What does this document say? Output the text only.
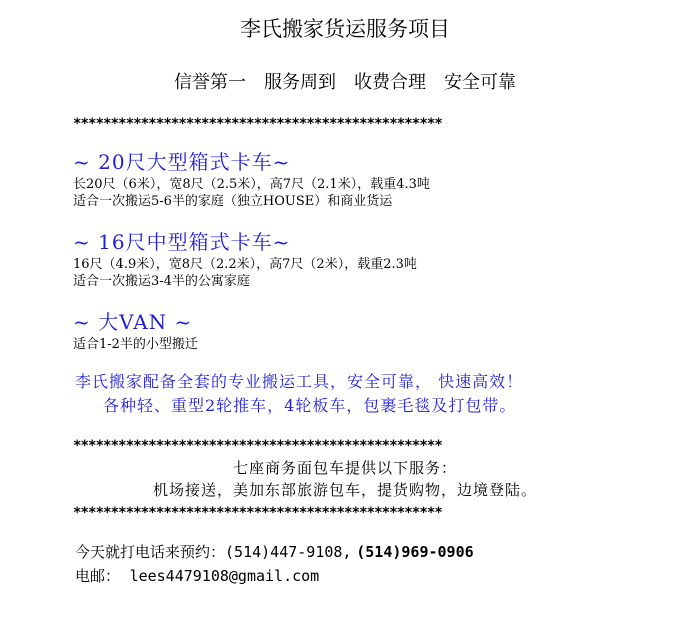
李氏搬家货运服务项目
信誉第一 服务周到 收费合理 安全可靠
*************************************************
~ 20尺大型箱式卡车~
长20尺（6米），宽8尺（2.5米），高7尺（2.1米），载重4.3吨
适合一次搬运5-6半的家庭（独立HOUSE）和商业货运
~ 16尺中型箱式卡车~
16尺（4.9米），宽8尺（2.2米），高7尺（2米），载重2.3吨
适合一次搬运3-4半的公寓家庭
~ 大VAN ~
适合1-2半的小型搬迁
李氏搬家配备全套的专业搬运工具，安全可靠， 快速高效！
各种轻、重型2轮推车，4轮板车，包裹毛毯及打包带。
*************************************************
七座商务面包车提供以下服务：
机场接送，美加东部旅游包车，提货购物，边境登陆。
*************************************************
今天就打电话来预约：(514)447-9108, (514)969-0906
电邮： lees4479108@gmail.com
